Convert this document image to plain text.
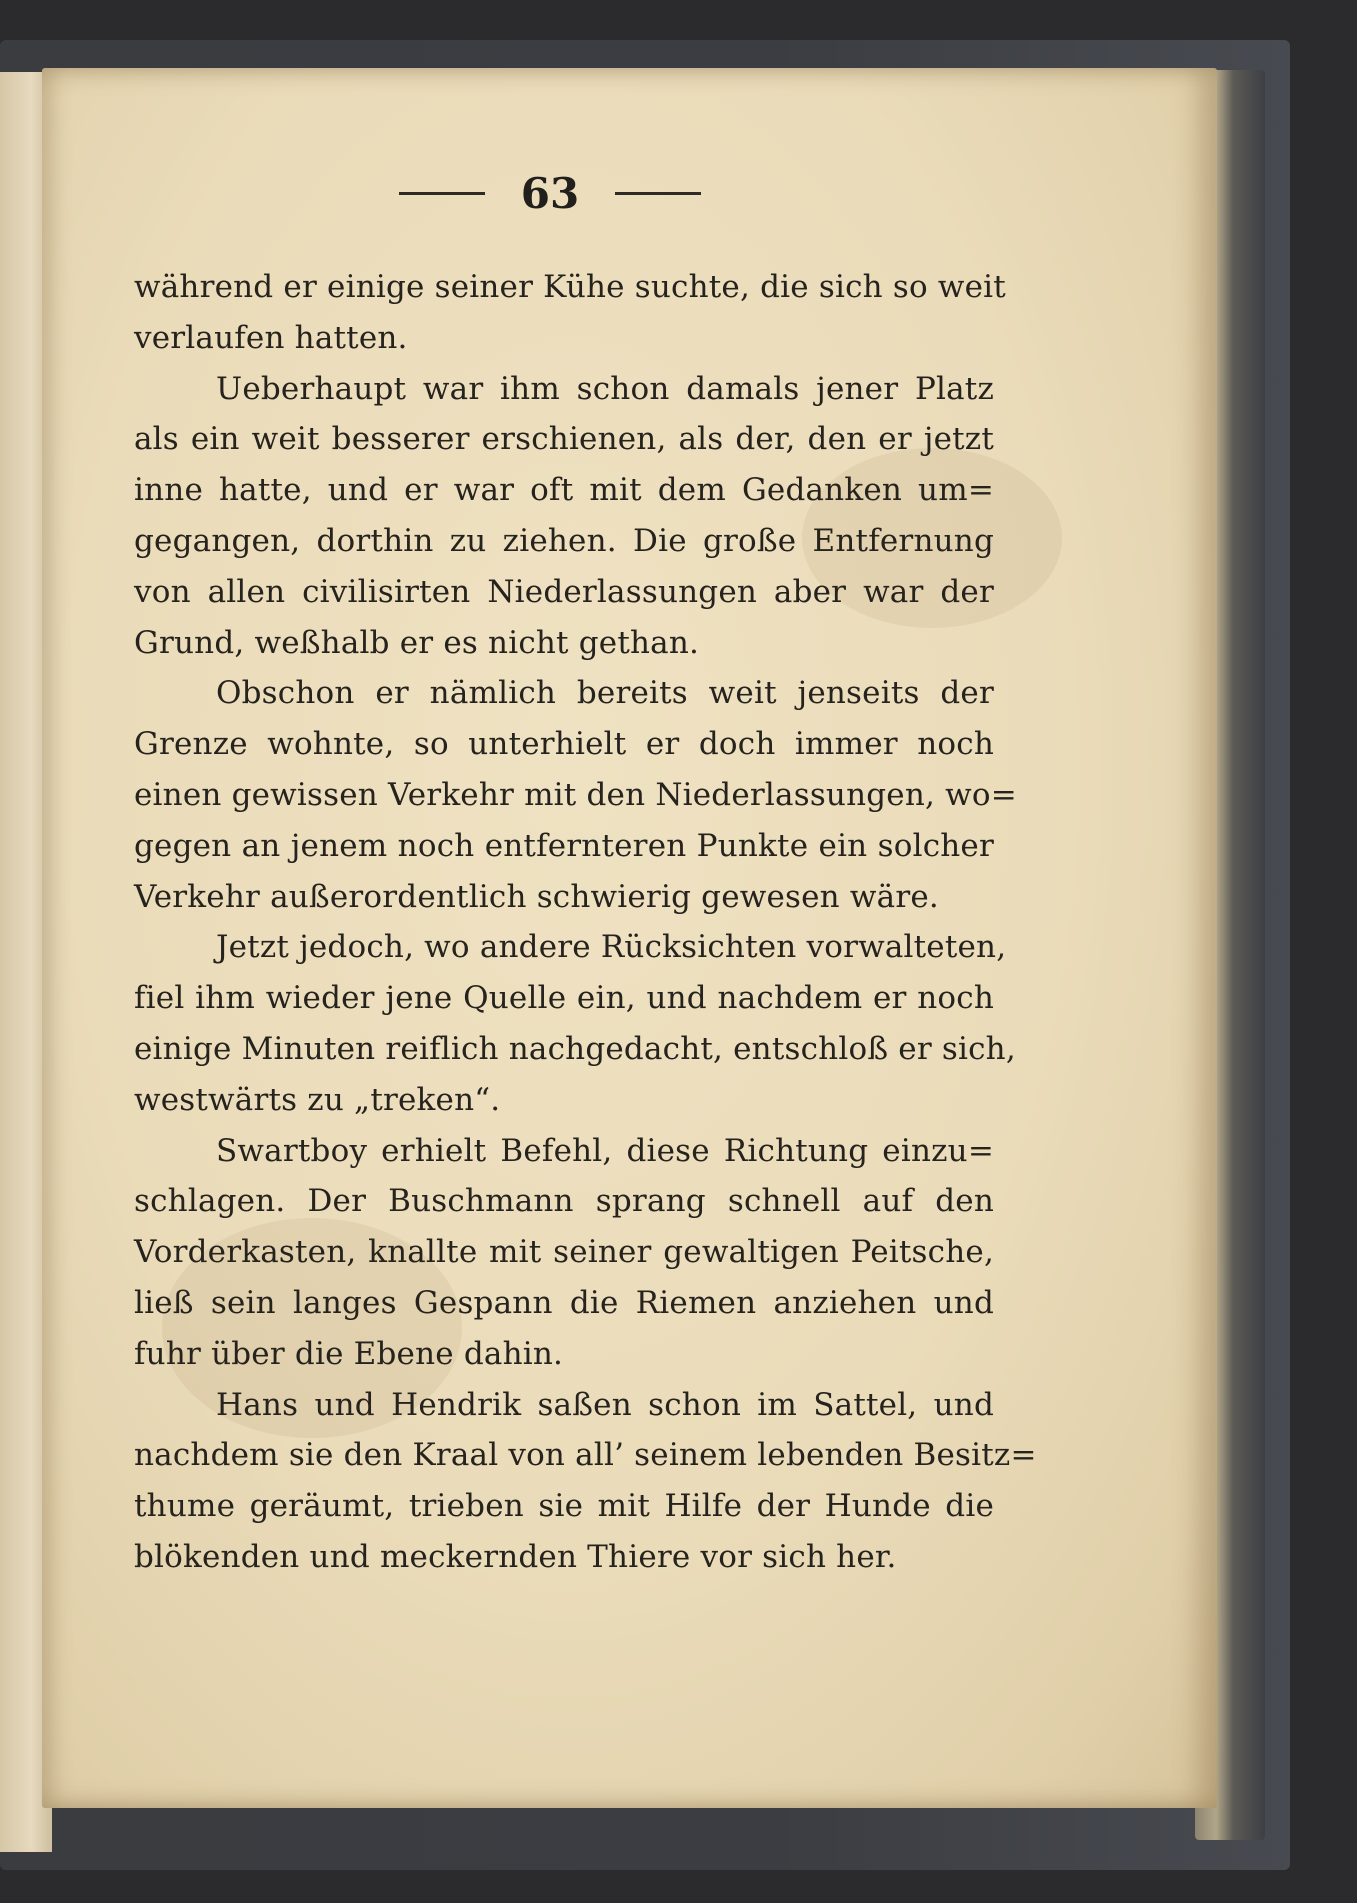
63
während er einige seiner Kühe suchte, die sich so weit
verlaufen hatten.
Ueberhaupt war ihm schon damals jener Platz
als ein weit besserer erschienen, als der, den er jetzt
inne hatte, und er war oft mit dem Gedanken um=
gegangen, dorthin zu ziehen. Die große Entfernung
von allen civilisirten Niederlassungen aber war der
Grund, weßhalb er es nicht gethan.
Obschon er nämlich bereits weit jenseits der
Grenze wohnte, so unterhielt er doch immer noch
einen gewissen Verkehr mit den Niederlassungen, wo=
gegen an jenem noch entfernteren Punkte ein solcher
Verkehr außerordentlich schwierig gewesen wäre.
Jetzt jedoch, wo andere Rücksichten vorwalteten,
fiel ihm wieder jene Quelle ein, und nachdem er noch
einige Minuten reiflich nachgedacht, entschloß er sich,
westwärts zu „treken“.
Swartboy erhielt Befehl, diese Richtung einzu=
schlagen. Der Buschmann sprang schnell auf den
Vorderkasten, knallte mit seiner gewaltigen Peitsche,
ließ sein langes Gespann die Riemen anziehen und
fuhr über die Ebene dahin.
Hans und Hendrik saßen schon im Sattel, und
nachdem sie den Kraal von all’ seinem lebenden Besitz=
thume geräumt, trieben sie mit Hilfe der Hunde die
blökenden und meckernden Thiere vor sich her.
